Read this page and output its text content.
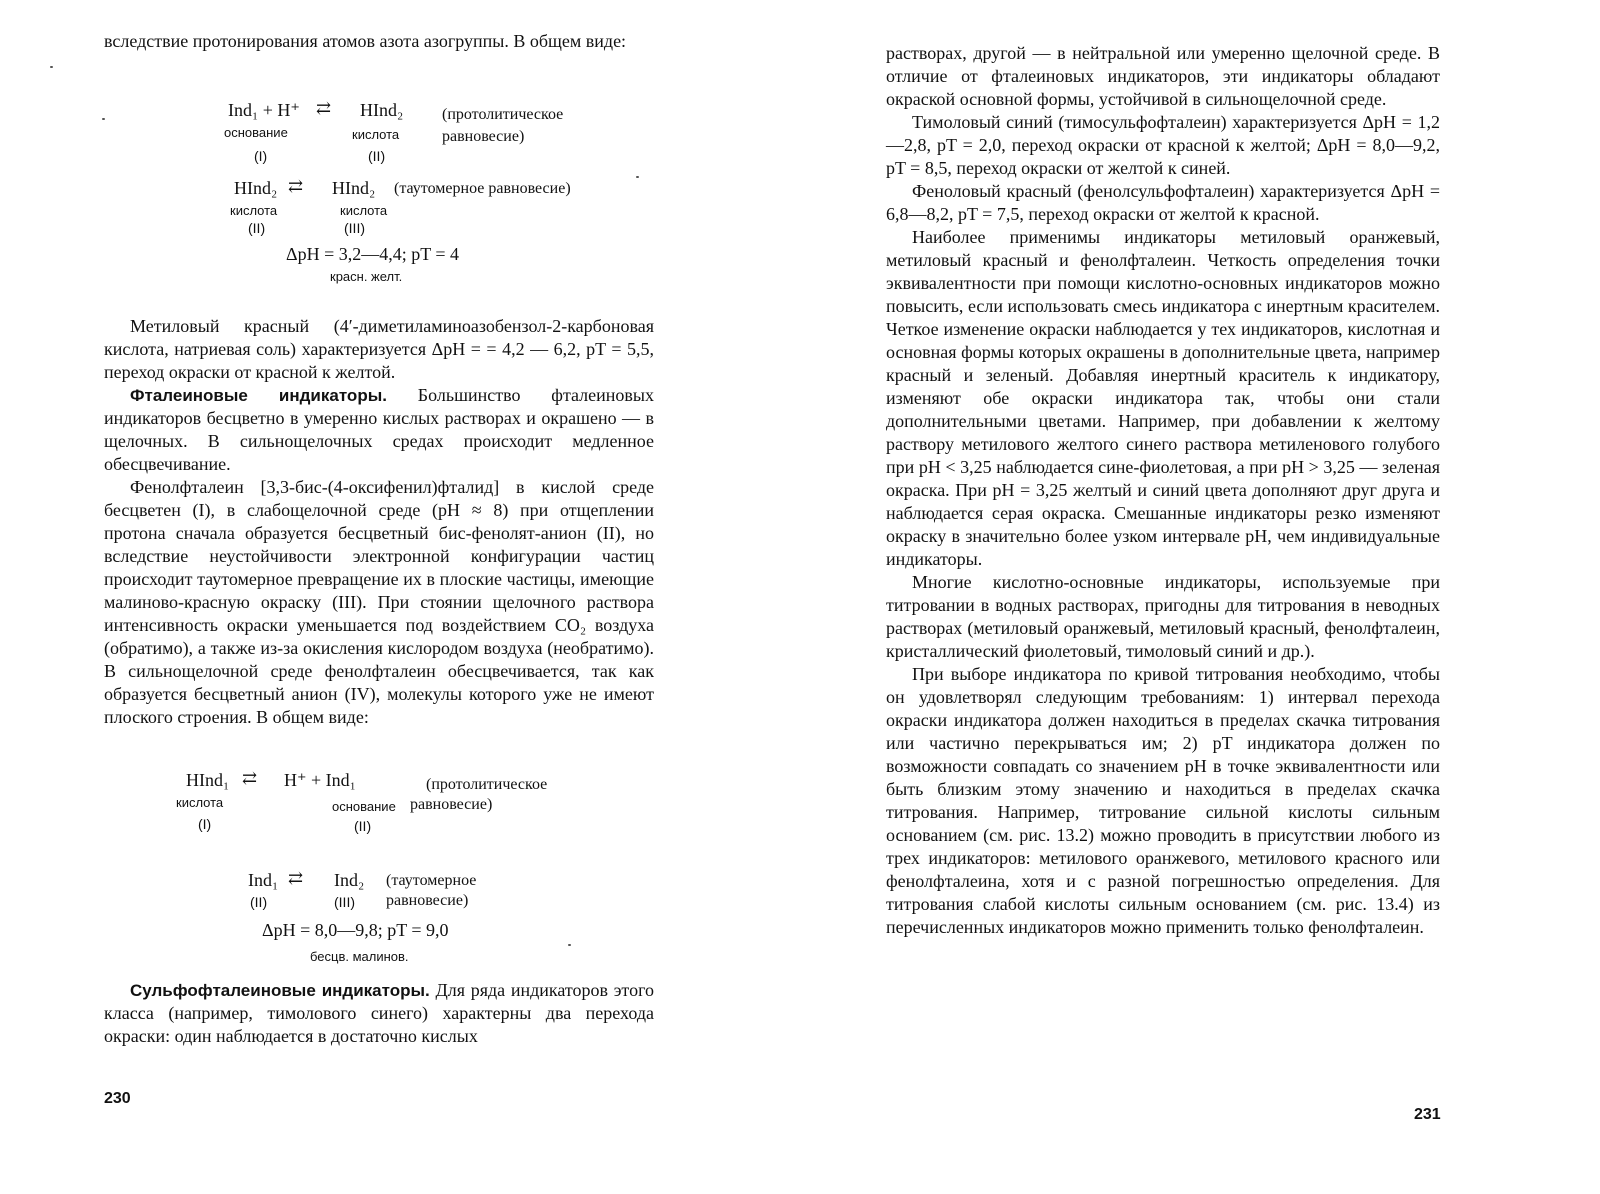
вследствие протонирования атомов азота азогруппы. В общем виде:

Ind₁ + H⁺ ⇄ HInd₂ (протолитическое
равновесие)
основание	кислота
(I)	(II)
HInd₂ ⇄ HInd₂ (таутомерное равновесие)
кислота	кислота
(II)	(III)
ΔpH = 3,2—4,4; pT = 4
красн. желт.

Метиловый красный (4′-диметиламиноазобензол-2-карбоновая кислота, натриевая соль) характеризуется ΔpH = = 4,2 — 6,2, pT = 5,5, переход окраски от красной к желтой.

Фталеиновые индикаторы. Большинство фталеиновых индикаторов бесцветно в умеренно кислых растворах и окрашено — в щелочных. В сильнощелочных средах происходит медленное обесцвечивание.

Фенолфталеин [3,3-бис-(4-оксифенил)фталид] в кислой среде бесцветен (I), в слабощелочной среде (pH ≈ 8) при отщеплении протона сначала образуется бесцветный бис-фенолят-анион (II), но вследствие неустойчивости электронной конфигурации частиц происходит таутомерное превращение их в плоские частицы, имеющие малиново-красную окраску (III). При стоянии щелочного раствора интенсивность окраски уменьшается под воздействием CO₂ воздуха (обратимо), а также из-за окисления кислородом воздуха (необратимо). В сильнощелочной среде фенолфталеин обесцвечивается, так как образуется бесцветный анион (IV), молекулы которого уже не имеют плоского строения. В общем виде:

HInd₁ ⇄ H⁺ + Ind₁	(протолитическое
равновесие)
кислота	основание
(I)	(II)
Ind₁ ⇄ Ind₂ (таутомерное
равновесие)
(II)	(III)
ΔpH = 8,0—9,8; pT = 9,0
бесцв. малинов.

Сульфофталеиновые индикаторы. Для ряда индикаторов этого класса (например, тимолового синего) характерны два перехода окраски: один наблюдается в достаточно кислых

230

растворах, другой — в нейтральной или умеренно щелочной среде. В отличие от фталеиновых индикаторов, эти индикаторы обладают окраской основной формы, устойчивой в сильнощелочной среде.

Тимоловый синий (тимосульфофталеин) характеризуется ΔpH = 1,2—2,8, pT = 2,0, переход окраски от красной к желтой; ΔpH = 8,0—9,2, pT = 8,5, переход окраски от желтой к синей.

Феноловый красный (фенолсульфофталеин) характеризуется ΔpH = 6,8—8,2, pT = 7,5, переход окраски от желтой к красной.

Наиболее применимы индикаторы метиловый оранжевый, метиловый красный и фенолфталеин. Четкость определения точки эквивалентности при помощи кислотно-основных индикаторов можно повысить, если использовать смесь индикатора с инертным красителем. Четкое изменение окраски наблюдается у тех индикаторов, кислотная и основная формы которых окрашены в дополнительные цвета, например красный и зеленый. Добавляя инертный краситель к индикатору, изменяют обе окраски индикатора так, чтобы они стали дополнительными цветами. Например, при добавлении к желтому раствору метилового желтого синего раствора метиленового голубого при pH < 3,25 наблюдается сине-фиолетовая, а при pH > 3,25 — зеленая окраска. При pH = 3,25 желтый и синий цвета дополняют друг друга и наблюдается серая окраска. Смешанные индикаторы резко изменяют окраску в значительно более узком интервале pH, чем индивидуальные индикаторы.

Многие кислотно-основные индикаторы, используемые при титровании в водных растворах, пригодны для титрования в неводных растворах (метиловый оранжевый, метиловый красный, фенолфталеин, кристаллический фиолетовый, тимоловый синий и др.).

При выборе индикатора по кривой титрования необходимо, чтобы он удовлетворял следующим требованиям: 1) интервал перехода окраски индикатора должен находиться в пределах скачка титрования или частично перекрываться им; 2) pT индикатора должен по возможности совпадать со значением pH в точке эквивалентности или быть близким этому значению и находиться в пределах скачка титрования. Например, титрование сильной кислоты сильным основанием (см. рис. 13.2) можно проводить в присутствии любого из трех индикаторов: метилового оранжевого, метилового красного или фенолфталеина, хотя и с разной погрешностью определения. Для титрования слабой кислоты сильным основанием (см. рис. 13.4) из перечисленных индикаторов можно применить только фенолфталеин.

231
